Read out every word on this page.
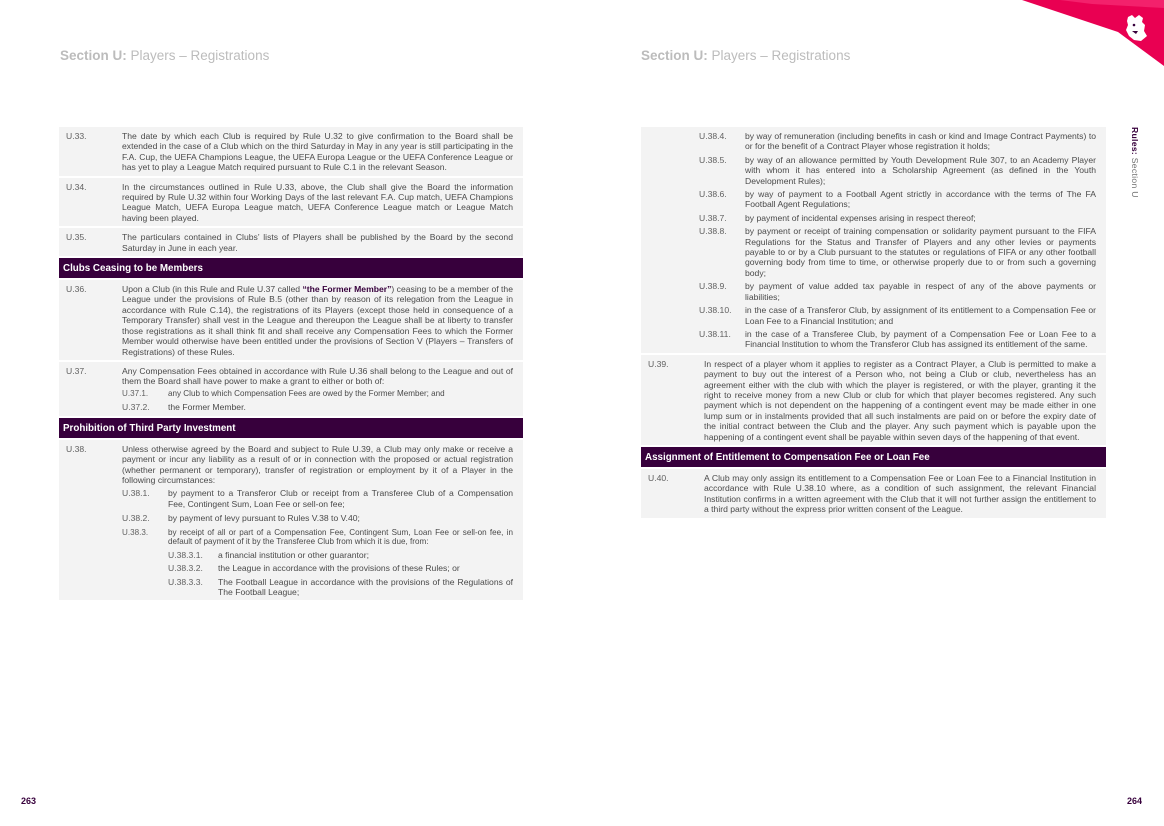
Section U: Players – Registrations
U.33.	The date by which each Club is required by Rule U.32 to give confirmation to the Board shall be extended in the case of a Club which on the third Saturday in May in any year is still participating in the F.A. Cup, the UEFA Champions League, the UEFA Europa League or the UEFA Conference League or has yet to play a League Match required pursuant to Rule C.1 in the relevant Season.
U.34.	In the circumstances outlined in Rule U.33, above, the Club shall give the Board the information required by Rule U.32 within four Working Days of the last relevant F.A. Cup match, UEFA Champions League Match, UEFA Europa League match, UEFA Conference League match or League Match having been played.
U.35.	The particulars contained in Clubs’ lists of Players shall be published by the Board by the second Saturday in June in each year.
Clubs Ceasing to be Members
U.36.	Upon a Club (in this Rule and Rule U.37 called “the Former Member”) ceasing to be a member of the League under the provisions of Rule B.5 (other than by reason of its relegation from the League in accordance with Rule C.14), the registrations of its Players (except those held in consequence of a Temporary Transfer) shall vest in the League and thereupon the League shall be at liberty to transfer those registrations as it shall think fit and shall receive any Compensation Fees to which the Former Member would otherwise have been entitled under the provisions of Section V (Players – Transfers of Registrations) of these Rules.
U.37.	Any Compensation Fees obtained in accordance with Rule U.36 shall belong to the League and out of them the Board shall have power to make a grant to either or both of:
U.37.1.	any Club to which Compensation Fees are owed by the Former Member; and
U.37.2.	the Former Member.
Prohibition of Third Party Investment
U.38.	Unless otherwise agreed by the Board and subject to Rule U.39, a Club may only make or receive a payment or incur any liability as a result of or in connection with the proposed or actual registration (whether permanent or temporary), transfer of registration or employment by it of a Player in the following circumstances:
U.38.1.	by payment to a Transferor Club or receipt from a Transferee Club of a Compensation Fee, Contingent Sum, Loan Fee or sell-on fee;
U.38.2.	by payment of levy pursuant to Rules V.38 to V.40;
U.38.3.	by receipt of all or part of a Compensation Fee, Contingent Sum, Loan Fee or sell-on fee, in default of payment of it by the Transferee Club from which it is due, from:
U.38.3.1.	a financial institution or other guarantor;
U.38.3.2.	the League in accordance with the provisions of these Rules; or
U.38.3.3.	The Football League in accordance with the provisions of the Regulations of The Football League;
263
Section U: Players – Registrations
U.38.4.	by way of remuneration (including benefits in cash or kind and Image Contract Payments) to or for the benefit of a Contract Player whose registration it holds;
U.38.5.	by way of an allowance permitted by Youth Development Rule 307, to an Academy Player with whom it has entered into a Scholarship Agreement (as defined in the Youth Development Rules);
U.38.6.	by way of payment to a Football Agent strictly in accordance with the terms of The FA Football Agent Regulations;
U.38.7.	by payment of incidental expenses arising in respect thereof;
U.38.8.	by payment or receipt of training compensation or solidarity payment pursuant to the FIFA Regulations for the Status and Transfer of Players and any other levies or payments payable to or by a Club pursuant to the statutes or regulations of FIFA or any other football governing body from time to time, or otherwise properly due to or from such a governing body;
U.38.9.	by payment of value added tax payable in respect of any of the above payments or liabilities;
U.38.10.	in the case of a Transferor Club, by assignment of its entitlement to a Compensation Fee or Loan Fee to a Financial Institution; and
U.38.11.	in the case of a Transferee Club, by payment of a Compensation Fee or Loan Fee to a Financial Institution to whom the Transferor Club has assigned its entitlement of the same.
U.39.	In respect of a player whom it applies to register as a Contract Player, a Club is permitted to make a payment to buy out the interest of a Person who, not being a Club or club, nevertheless has an agreement either with the club with which the player is registered, or with the player, granting it the right to receive money from a new Club or club for which that player becomes registered. Any such payment which is not dependent on the happening of a contingent event may be made either in one lump sum or in instalments provided that all such instalments are paid on or before the expiry date of the initial contract between the Club and the player. Any such payment which is payable upon the happening of a contingent event shall be payable within seven days of the happening of that event.
Assignment of Entitlement to Compensation Fee or Loan Fee
U.40.	A Club may only assign its entitlement to a Compensation Fee or Loan Fee to a Financial Institution in accordance with Rule U.38.10 where, as a condition of such assignment, the relevant Financial Institution confirms in a written agreement with the Club that it will not further assign the entitlement to a third party without the express prior written consent of the League.
Rules: Section U
264
